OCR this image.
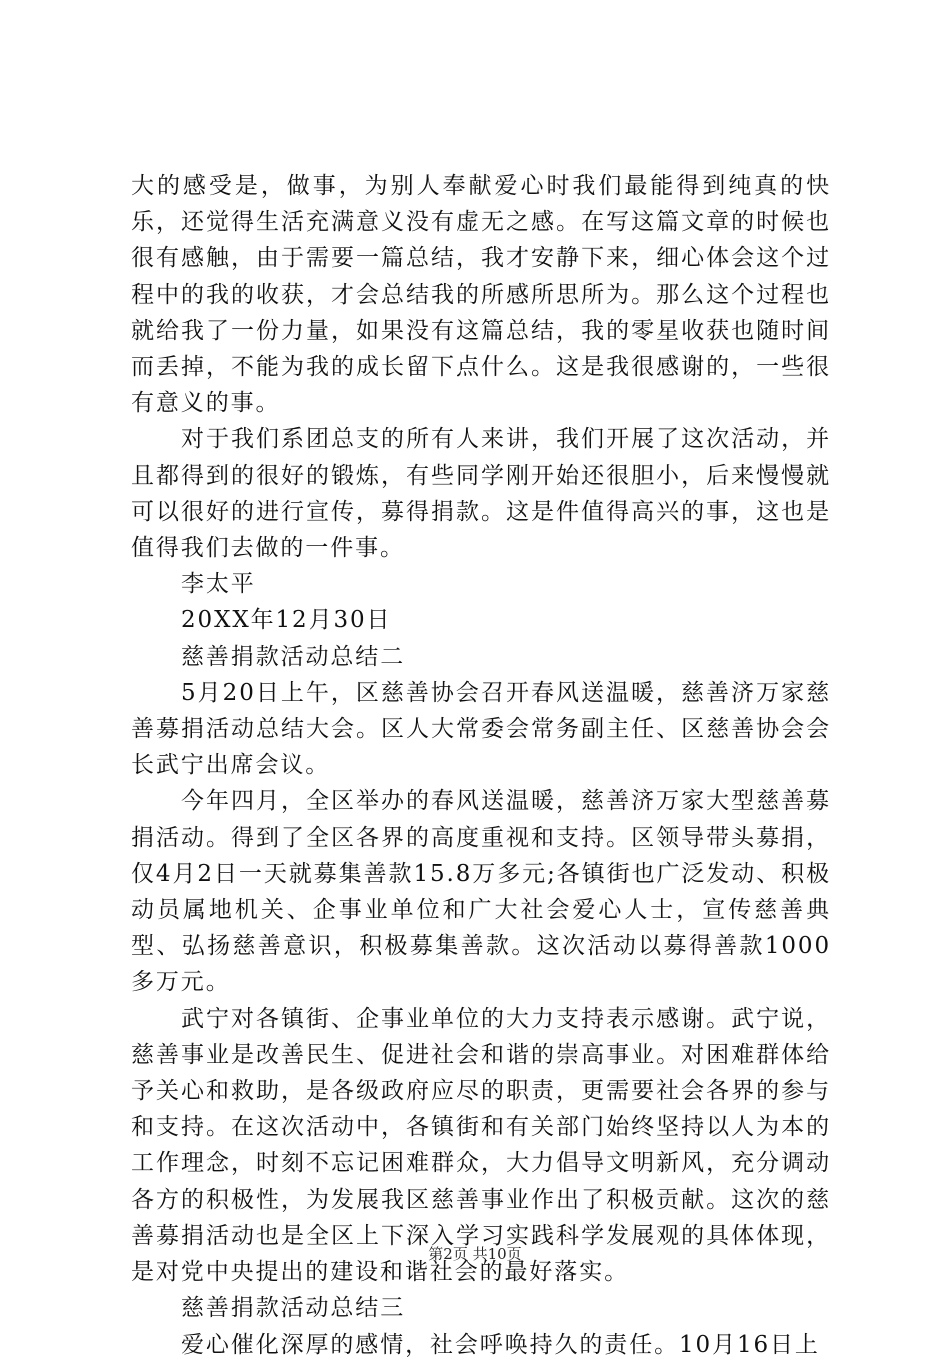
大的感受是，做事，为别人奉献爱心时我们最能得到纯真的快乐，还觉得生活充满意义没有虚无之感。在写这篇文章的时候也很有感触，由于需要一篇总结，我才安静下来，细心体会这个过程中的我的收获，才会总结我的所感所思所为。那么这个过程也就给我了一份力量，如果没有这篇总结，我的零星收获也随时间而丢掉，不能为我的成长留下点什么。这是我很感谢的，一些很有意义的事。

对于我们系团总支的所有人来讲，我们开展了这次活动，并且都得到的很好的锻炼，有些同学刚开始还很胆小，后来慢慢就可以很好的进行宣传，募得捐款。这是件值得高兴的事，这也是值得我们去做的一件事。

李太平

20XX年12月30日

慈善捐款活动总结二

5月20日上午，区慈善协会召开春风送温暖，慈善济万家慈善募捐活动总结大会。区人大常委会常务副主任、区慈善协会会长武宁出席会议。

今年四月，全区举办的春风送温暖，慈善济万家大型慈善募捐活动。得到了全区各界的高度重视和支持。区领导带头募捐，仅4月2日一天就募集善款15.8万多元;各镇街也广泛发动、积极动员属地机关、企事业单位和广大社会爱心人士，宣传慈善典型、弘扬慈善意识，积极募集善款。这次活动以募得善款1000多万元。

武宁对各镇街、企事业单位的大力支持表示感谢。武宁说，慈善事业是改善民生、促进社会和谐的崇高事业。对困难群体给予关心和救助，是各级政府应尽的职责，更需要社会各界的参与和支持。在这次活动中，各镇街和有关部门始终坚持以人为本的工作理念，时刻不忘记困难群众，大力倡导文明新风，充分调动各方的积极性，为发展我区慈善事业作出了积极贡献。这次的慈善募捐活动也是全区上下深入学习实践科学发展观的具体体现，是对党中央提出的建设和谐社会的最好落实。

慈善捐款活动总结三

爱心催化深厚的感情，社会呼唤持久的责任。10月16日上

第2页 共10页
